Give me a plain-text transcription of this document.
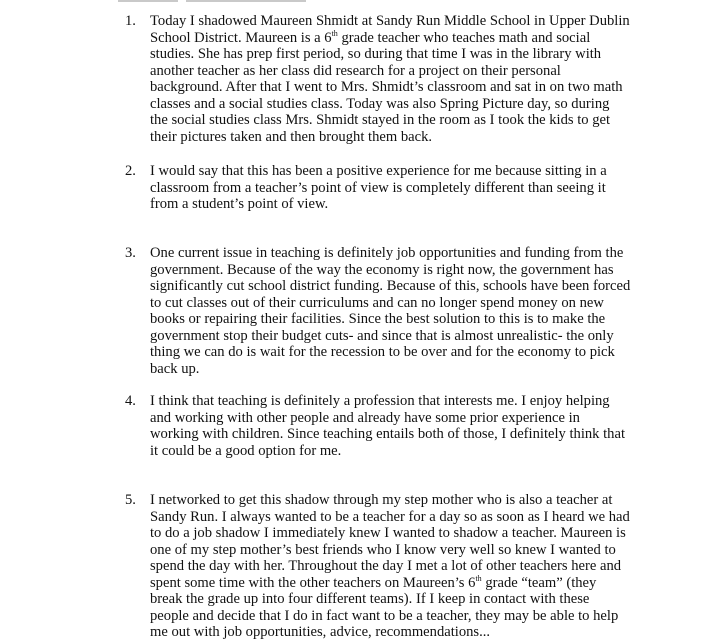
1. Today I shadowed Maureen Shmidt at Sandy Run Middle School in Upper Dublin
School District. Maureen is a 6th grade teacher who teaches math and social
studies. She has prep first period, so during that time I was in the library with
another teacher as her class did research for a project on their personal
background. After that I went to Mrs. Shmidt’s classroom and sat in on two math
classes and a social studies class. Today was also Spring Picture day, so during
the social studies class Mrs. Shmidt stayed in the room as I took the kids to get
their pictures taken and then brought them back.
2. I would say that this has been a positive experience for me because sitting in a
classroom from a teacher’s point of view is completely different than seeing it
from a student’s point of view.
3. One current issue in teaching is definitely job opportunities and funding from the
government. Because of the way the economy is right now, the government has
significantly cut school district funding. Because of this, schools have been forced
to cut classes out of their curriculums and can no longer spend money on new
books or repairing their facilities. Since the best solution to this is to make the
government stop their budget cuts- and since that is almost unrealistic- the only
thing we can do is wait for the recession to be over and for the economy to pick
back up.
4. I think that teaching is definitely a profession that interests me. I enjoy helping
and working with other people and already have some prior experience in
working with children. Since teaching entails both of those, I definitely think that
it could be a good option for me.
5. I networked to get this shadow through my step mother who is also a teacher at
Sandy Run. I always wanted to be a teacher for a day so as soon as I heard we had
to do a job shadow I immediately knew I wanted to shadow a teacher. Maureen is
one of my step mother’s best friends who I know very well so knew I wanted to
spend the day with her. Throughout the day I met a lot of other teachers here and
spent some time with the other teachers on Maureen’s 6th grade “team” (they
break the grade up into four different teams). If I keep in contact with these
people and decide that I do in fact want to be a teacher, they may be able to help
me out with job opportunities, advice, recommendations...
